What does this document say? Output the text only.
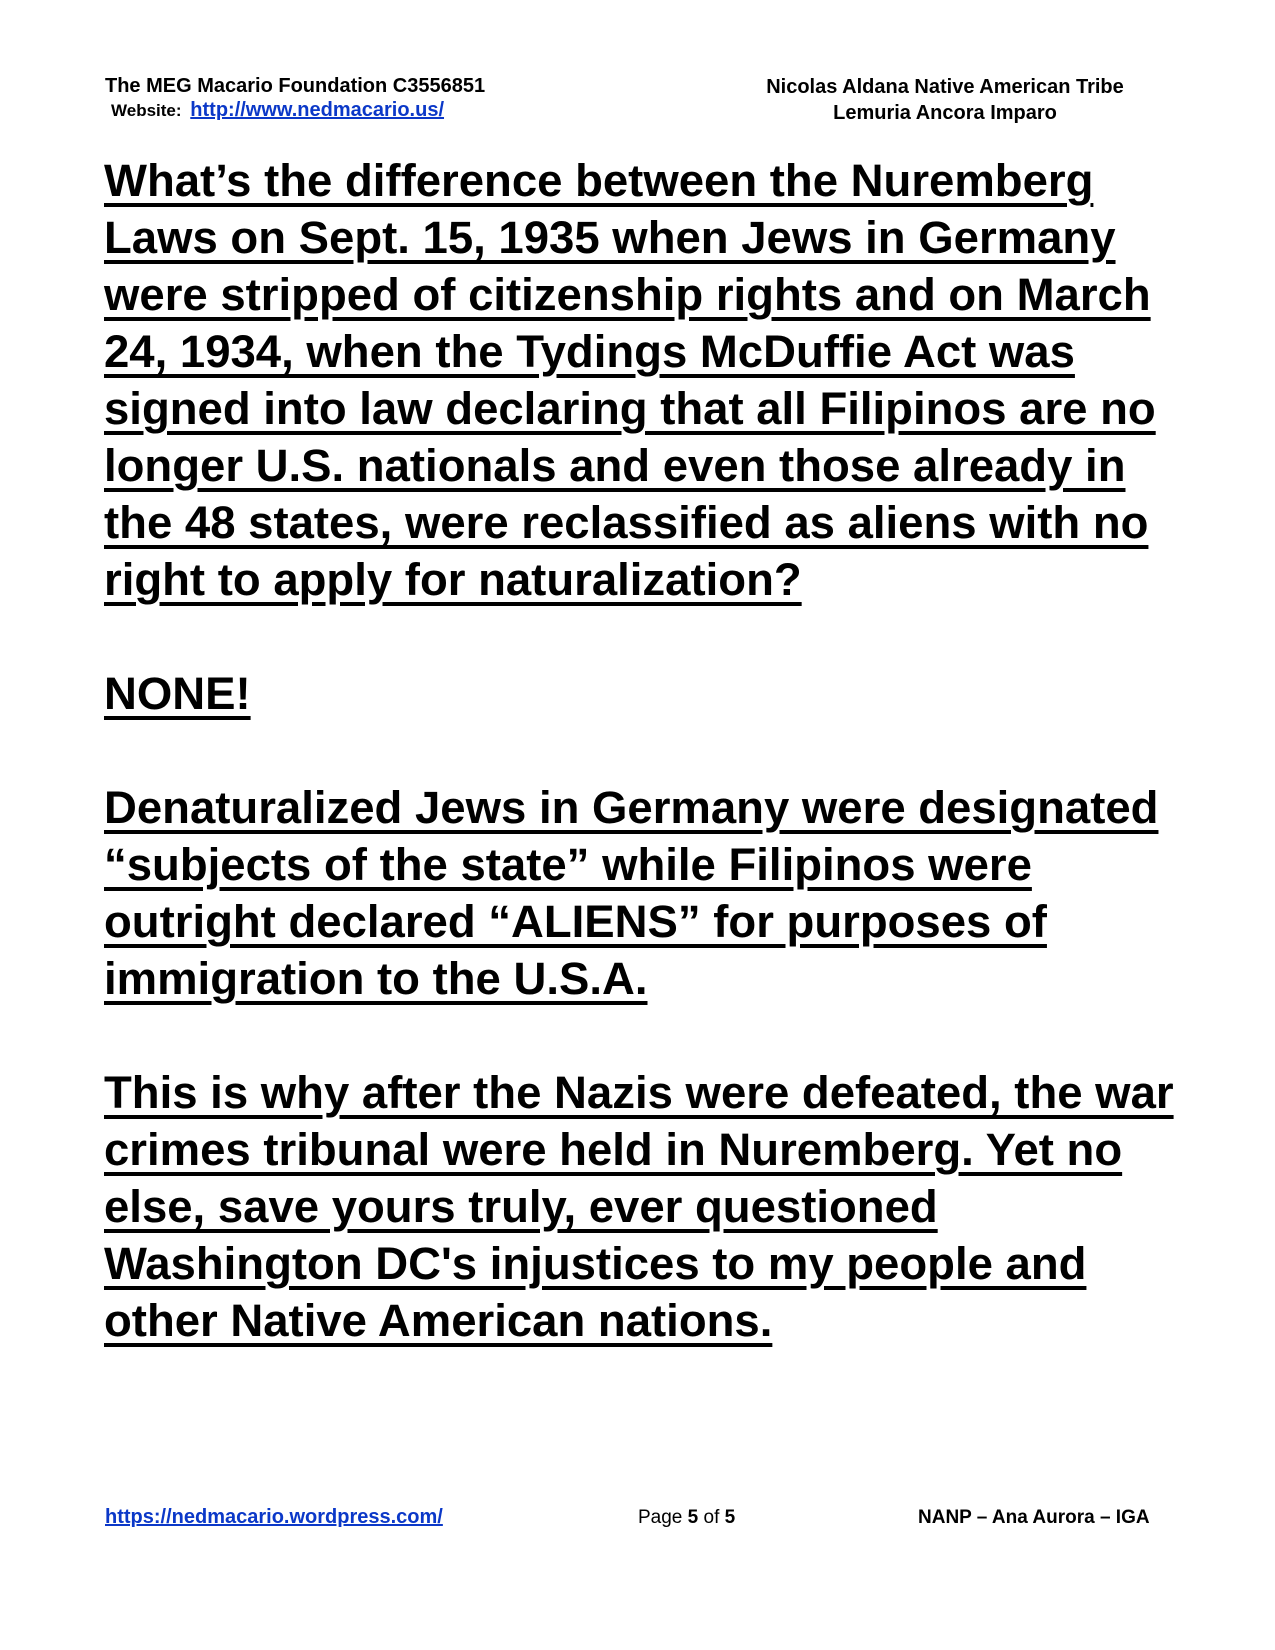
The MEG Macario Foundation C3556851
Website: http://www.nedmacario.us/
Nicolas Aldana Native American Tribe
Lemuria Ancora Imparo

What’s the difference between the Nuremberg Laws on Sept. 15, 1935 when Jews in Germany were stripped of citizenship rights and on March 24, 1934, when the Tydings McDuffie Act was signed into law declaring that all Filipinos are no longer U.S. nationals and even those already in the 48 states, were reclassified as aliens with no right to apply for naturalization?

NONE!

Denaturalized Jews in Germany were designated “subjects of the state” while Filipinos were outright declared “ALIENS” for purposes of immigration to the U.S.A.

This is why after the Nazis were defeated, the war crimes tribunal were held in Nuremberg. Yet no else, save yours truly, ever questioned Washington DC's injustices to my people and other Native American nations.

https://nedmacario.wordpress.com/	Page 5 of 5	NANP – Ana Aurora – IGA
